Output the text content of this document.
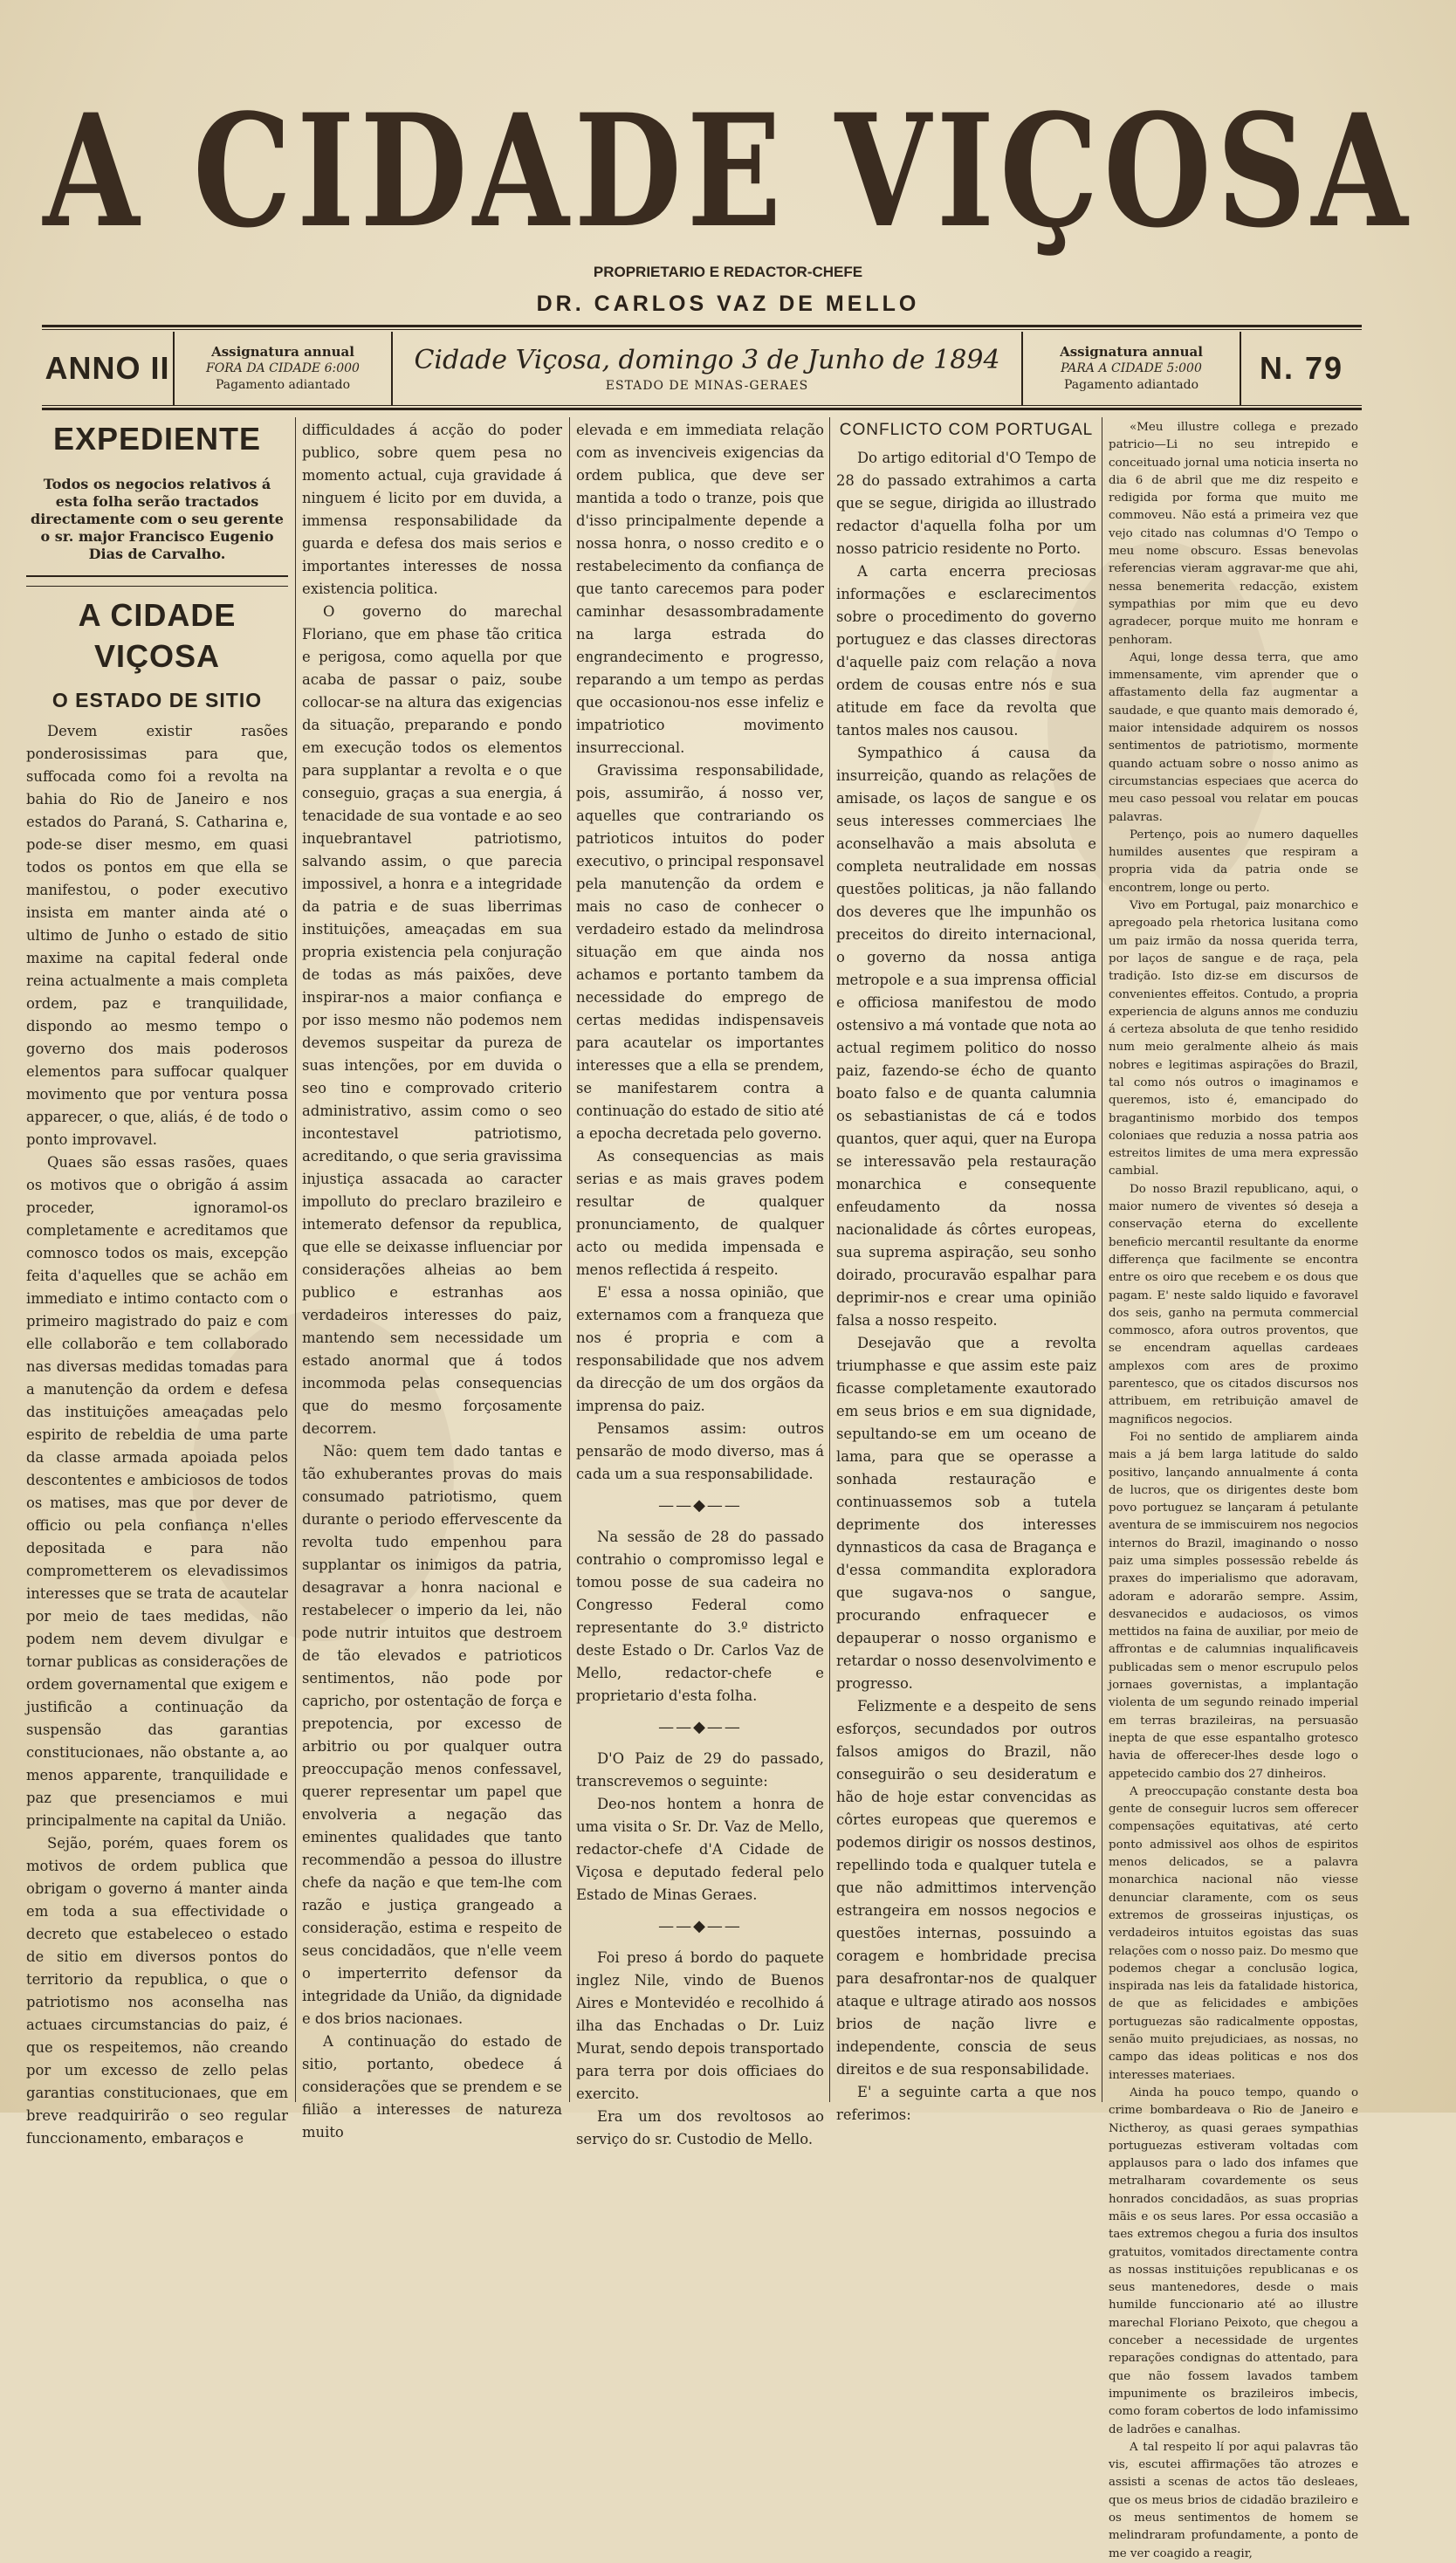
A CIDADE VIÇOSA
PROPRIETARIO E REDACTOR-CHEFE
DR. CARLOS VAZ DE MELLO
ANNO II	Assignatura annual
FORA DA CIDADE 6:000
Pagamento adiantado
Cidade Viçosa, domingo 3 de Junho de 1894
ESTADO DE MINAS-GERAES
Assignatura annual
PARA A CIDADE 5:000
Pagamento adiantado	N. 79
EXPEDIENTE
Todos os negocios relativos á esta folha serão tractados directamente com o seu gerente o sr. major Francisco Eugenio Dias de Carvalho.
A CIDADE VIÇOSA
O ESTADO DE SITIO

Devem existir rasões ponderosissimas para que, suffocada como foi a revolta na bahia do Rio de Janeiro e nos estados do Paraná, S. Catharina e, pode-se diser mesmo, em quasi todos os pontos em que ella se manifestou, o poder executivo insista em manter ainda até o ultimo de Junho o estado de sitio maxime na capital federal onde reina actualmente a mais completa ordem, paz e tranquilidade, dispondo ao mesmo tempo o governo dos mais poderosos elementos para suffocar qualquer movimento que por ventura possa apparecer, o que, aliás, é de todo o ponto improvavel.

Quaes são essas rasões, quaes os motivos que o obrigão á assim proceder, ignoramol-os completamente e acreditamos que comnosco todos os mais, excepção feita d'aquelles que se achão em immediato e intimo contacto com o primeiro magistrado do paiz e com elle collaborão e tem collaborado nas diversas medidas tomadas para a manutenção da ordem e defesa das instituições ameaçadas pelo espirito de rebeldia de uma parte da classe armada apoiada pelos descontentes e ambiciosos de todos os matises, mas que por dever de officio ou pela confiança n'elles depositada e para não comprometterem os elevadissimos interesses que se trata de acautelar por meio de taes medidas, não podem nem devem divulgar e tornar publicas as considerações de ordem governamental que exigem e justificão a continuação da suspensão das garantias constitucionaes, não obstante a, ao menos apparente, tranquilidade e paz que presenciamos e mui principalmente na capital da União.

Sejão, porém, quaes forem os motivos de ordem publica que obrigam o governo á manter ainda em toda a sua effectividade o decreto que estabeleceo o estado de sitio em diversos pontos do territorio da republica, o que o patriotismo nos aconselha nas actuaes circumstancias do paiz, é que os respeitemos, não creando por um excesso de zello pelas garantias constitucionaes, que em breve readquirirão o seo regular funccionamento, embaraços e

difficuldades á acção do poder publico, sobre quem pesa no momento actual, cuja gravidade á ninguem é licito por em duvida, a immensa responsabilidade da guarda e defesa dos mais serios e importantes interesses de nossa existencia politica.

O governo do marechal Floriano, que em phase tão critica e perigosa, como aquella por que acaba de passar o paiz, soube collocar-se na altura das exigencias da situação, preparando e pondo em execução todos os elementos para supplantar a revolta e o que conseguio, graças a sua energia, á tenacidade de sua vontade e ao seo inquebrantavel patriotismo, salvando assim, o que parecia impossivel, a honra e a integridade da patria e de suas liberrimas instituições, ameaçadas em sua propria existencia pela conjuração de todas as más paixões, deve inspirar-nos a maior confiança e por isso mesmo não podemos nem devemos suspeitar da pureza de suas intenções, por em duvida o seo tino e comprovado criterio administrativo, assim como o seo incontestavel patriotismo, acreditando, o que seria gravissima injustiça assacada ao caracter impolluto do preclaro brazileiro e intemerato defensor da republica, que elle se deixasse influenciar por considerações alheias ao bem publico e estranhas aos verdadeiros interesses do paiz, mantendo sem necessidade um estado anormal que á todos incommoda pelas consequencias que do mesmo forçosamente decorrem.

Não: quem tem dado tantas e tão exhuberantes provas do mais consumado patriotismo, quem durante o periodo effervescente da revolta tudo empenhou para supplantar os inimigos da patria, desagravar a honra nacional e restabelecer o imperio da lei, não pode nutrir intuitos que destroem de tão elevados e patrioticos sentimentos, não pode por capricho, por ostentação de força e prepotencia, por excesso de arbitrio ou por qualquer outra preoccupação menos confessavel, querer representar um papel que envolveria a negação das eminentes qualidades que tanto recommendão a pessoa do illustre chefe da nação e que tem-lhe com razão e justiça grangeado a consideração, estima e respeito de seus concidadãos, que n'elle veem o imperterrito defensor da integridade da União, da dignidade e dos brios nacionaes.

A continuação do estado de sitio, portanto, obedece á considerações que se prendem e se filião a interesses de natureza muito

elevada e em immediata relação com as invenciveis exigencias da ordem publica, que deve ser mantida a todo o tranze, pois que d'isso principalmente depende a nossa honra, o nosso credito e o restabelecimento da confiança de que tanto carecemos para poder caminhar desassombradamente na larga estrada do engrandecimento e progresso, reparando a um tempo as perdas que occasionou-nos esse infeliz e impatriotico movimento insurreccional.

Gravissima responsabilidade, pois, assumirão, á nosso ver, aquelles que contrariando os patrioticos intuitos do poder executivo, o principal responsavel pela manutenção da ordem e mais no caso de conhecer o verdadeiro estado da melindrosa situação em que ainda nos achamos e portanto tambem da necessidade do emprego de certas medidas indispensaveis para acautelar os importantes interesses que a ella se prendem, se manifestarem contra a continuação do estado de sitio até a epocha decretada pelo governo.

As consequencias as mais serias e as mais graves podem resultar de qualquer pronunciamento, de qualquer acto ou medida impensada e menos reflectida á respeito.

E' essa a nossa opinião, que externamos com a franqueza que nos é propria e com a responsabilidade que nos advem da direcção de um dos orgãos da imprensa do paiz.

Pensamos assim: outros pensarão de modo diverso, mas á cada um a sua responsabilidade.

——◆——

Na sessão de 28 do passado contrahio o compromisso legal e tomou posse de sua cadeira no Congresso Federal como representante do 3.º districto deste Estado o Dr. Carlos Vaz de Mello, redactor-chefe e proprietario d'esta folha.

——◆——

D'O Paiz de 29 do passado, transcrevemos o seguinte:

Deo-nos hontem a honra de uma visita o Sr. Dr. Vaz de Mello, redactor-chefe d'A Cidade de Viçosa e deputado federal pelo Estado de Minas Geraes.

——◆——

Foi preso á bordo do paquete inglez Nile, vindo de Buenos Aires e Montevidéo e recolhido á ilha das Enchadas o Dr. Luiz Murat, sendo depois transportado para terra por dois officiaes do exercito.

Era um dos revoltosos ao serviço do sr. Custodio de Mello.

CONFLICTO COM PORTUGAL

Do artigo editorial d'O Tempo de 28 do passado extrahimos a carta que se segue, dirigida ao illustrado redactor d'aquella folha por um nosso patricio residente no Porto.

A carta encerra preciosas informações e esclarecimentos sobre o procedimento do governo portuguez e das classes directoras d'aquelle paiz com relação a nova ordem de cousas entre nós e sua atitude em face da revolta que tantos males nos causou.

Sympathico á causa da insurreição, quando as relações de amisade, os laços de sangue e os seus interesses commerciaes lhe aconselhavão a mais absoluta e completa neutralidade em nossas questões politicas, ja não fallando dos deveres que lhe impunhão os preceitos do direito internacional, o governo da nossa antiga metropole e a sua imprensa official e officiosa manifestou de modo ostensivo a má vontade que nota ao actual regimem politico do nosso paiz, fazendo-se écho de quanto boato falso e de quanta calumnia os sebastianistas de cá e todos quantos, quer aqui, quer na Europa se interessavão pela restauração monarchica e consequente enfeudamento da nossa nacionalidade ás côrtes europeas, sua suprema aspiração, seu sonho doirado, procuravão espalhar para deprimir-nos e crear uma opinião falsa a nosso respeito.

Desejavão que a revolta triumphasse e que assim este paiz ficasse completamente exautorado em seus brios e em sua dignidade, sepultando-se em um oceano de lama, para que se operasse a sonhada restauração e continuassemos sob a tutela deprimente dos interesses dynnasticos da casa de Bragança e d'essa commandita exploradora que sugava-nos o sangue, procurando enfraquecer e depauperar o nosso organismo e retardar o nosso desenvolvimento e progresso.

Felizmente e a despeito de sens esforços, secundados por outros falsos amigos do Brazil, não conseguirão o seu desideratum e hão de hoje estar convencidas as côrtes europeas que queremos e podemos dirigir os nossos destinos, repellindo toda e qualquer tutela e que não admittimos intervenção estrangeira em nossos negocios e questões internas, possuindo a coragem e hombridade precisa para desafrontar-nos de qualquer ataque e ultrage atirado aos nossos brios de nação livre e independente, conscia de seus direitos e de sua responsabilidade.

E' a seguinte carta a que nos referimos:

«Meu illustre collega e prezado patricio—Li no seu intrepido e conceituado jornal uma noticia inserta no dia 6 de abril que me diz respeito e redigida por forma que muito me commoveu. Não está a primeira vez que vejo citado nas columnas d'O Tempo o meu nome obscuro. Essas benevolas referencias vieram aggravar-me que ahi, nessa benemerita redacção, existem sympathias por mim que eu devo agradecer, porque muito me honram e penhoram.

Aqui, longe dessa terra, que amo immensamente, vim aprender que o affastamento della faz augmentar a saudade, e que quanto mais demorado é, maior intensidade adquirem os nossos sentimentos de patriotismo, mormente quando actuam sobre o nosso animo as circumstancias especiaes que acerca do meu caso pessoal vou relatar em poucas palavras.

Pertenço, pois ao numero daquelles humildes ausentes que respiram a propria vida da patria onde se encontrem, longe ou perto.

Vivo em Portugal, paiz monarchico e apregoado pela rhetorica lusitana como um paiz irmão da nossa querida terra, por laços de sangue e de raça, pela tradição. Isto diz-se em discursos de convenientes effeitos. Contudo, a propria experiencia de alguns annos me conduziu á certeza absoluta de que tenho residido num meio geralmente alheio ás mais nobres e legitimas aspirações do Brazil, tal como nós outros o imaginamos e queremos, isto é, emancipado do bragantinismo morbido dos tempos coloniaes que reduzia a nossa patria aos estreitos limites de uma mera expressão cambial.

Do nosso Brazil republicano, aqui, o maior numero de viventes só deseja a conservação eterna do excellente beneficio mercantil resultante da enorme differença que facilmente se encontra entre os oiro que recebem e os dous que pagam. E' neste saldo liquido e favoravel dos seis, ganho na permuta commercial commosco, afora outros proventos, que se encendram aquellas cardeaes amplexos com ares de proximo parentesco, que os citados discursos nos attribuem, em retribuição amavel de magnificos negocios.

Foi no sentido de ampliarem ainda mais a já bem larga latitude do saldo positivo, lançando annualmente á conta de lucros, que os dirigentes deste bom povo portuguez se lançaram á petulante aventura de se immiscuirem nos negocios internos do Brazil, imaginando o nosso paiz uma simples possessão rebelde ás praxes do imperialismo que adoravam, adoram e adorarão sempre. Assim, desvanecidos e audaciosos, os vimos mettidos na faina de auxiliar, por meio de affrontas e de calumnias inqualificaveis publicadas sem o menor escrupulo pelos jornaes governistas, a implantação violenta de um segundo reinado imperial em terras brazileiras, na persuasão inepta de que esse espantalho grotesco havia de offerecer-lhes desde logo o appetecido cambio dos 27 dinheiros.

A preoccupação constante desta boa gente de conseguir lucros sem offerecer compensações equitativas, até certo ponto admissivel aos olhos de espiritos menos delicados, se a palavra monarchica nacional não viesse denunciar claramente, com os seus extremos de grosseiras injustiças, os verdadeiros intuitos egoistas das suas relações com o nosso paiz. Do mesmo que podemos chegar a conclusão logica, inspirada nas leis da fatalidade historica, de que as felicidades e ambições portuguezas são radicalmente oppostas, senão muito prejudiciaes, as nossas, no campo das ideas politicas e nos dos interesses materiaes.

Ainda ha pouco tempo, quando o crime bombardeava o Rio de Janeiro e Nictheroy, as quasi geraes sympathias portuguezas estiveram voltadas com applausos para o lado dos infames que metralharam covardemente os seus honrados concidadãos, as suas proprias mãis e os seus lares. Por essa occasião a taes extremos chegou a furia dos insultos gratuitos, vomitados directamente contra as nossas instituições republicanas e os seus mantenedores, desde o mais humilde funccionario até ao illustre marechal Floriano Peixoto, que chegou a conceber a necessidade de urgentes reparações condignas do attentado, para que não fossem lavados tambem impunimente os brazileiros imbecis, como foram cobertos de lodo infamissimo de ladrões e canalhas.

A tal respeito lí por aqui palavras tão vis, escutei affirmações tão atrozes e assisti a scenas de actos tão desleaes, que os meus brios de cidadão brazileiro e os meus sentimentos de homem se melindraram profundamente, a ponto de me ver coagido a reagir,
